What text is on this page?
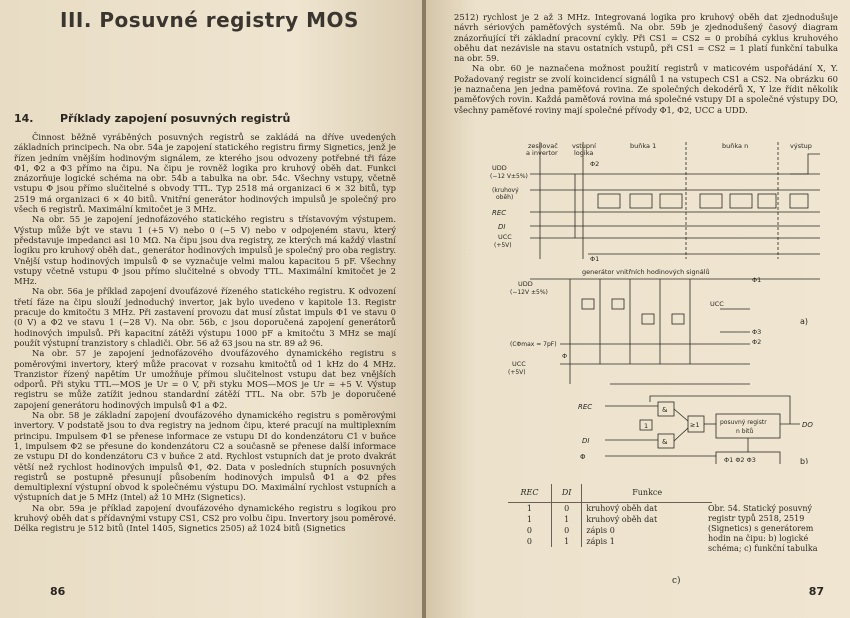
III. Posuvné registry MOS
14. Příklady zapojení posuvných registrů

Činnost běžně vyráběných posuvných registrů se zakládá na dříve uvedených základních principech. Na obr. 54a je zapojení statického registru firmy Signetics, jenž je řízen jedním vnějším hodinovým signálem, ze kterého jsou odvozeny potřebné tři fáze Φ1, Φ2 a Φ3 přímo na čipu. Na čipu je rovněž logika pro kruhový oběh dat. Funkci znázorňuje logické schéma na obr. 54b a tabulka na obr. 54c. Všechny vstupy, včetně vstupu Φ jsou přímo slučitelné s obvody TTL. Typ 2518 má organizaci 6 × 32 bitů, typ 2519 má organizaci 6 × 40 bitů. Vnitřní generátor hodinových impulsů je společný pro všech 6 registrů. Maximální kmitočet je 3 MHz.

Na obr. 55 je zapojení jednofázového statického registru s třístavovým výstupem. Výstup může být ve stavu 1 (+5 V) nebo 0 (−5 V) nebo v odpojeném stavu, který představuje impedanci asi 10 MΩ. Na čipu jsou dva registry, ze kterých má každý vlastní logiku pro kruhový oběh dat., generátor hodinových impulsů je společný pro oba registry. Vnější vstup hodinových impulsů Φ se vyznačuje velmi malou kapacitou 5 pF. Všechny vstupy včetně vstupu Φ jsou přímo slučitelné s obvody TTL. Maximální kmitočet je 2 MHz.

Na obr. 56a je příklad zapojení dvoufázové řízeného statického registru. K odvození třetí fáze na čipu slouží jednoduchý invertor, jak bylo uvedeno v kapitole 13. Registr pracuje do kmitočtu 3 MHz. Při zastavení provozu dat musí zůstat impuls Φ1 ve stavu 0 (0 V) a Φ2 ve stavu 1 (−28 V). Na obr. 56b, c jsou doporučená zapojení generátorů hodinových impulsů. Při kapacitní zátěži výstupu 1000 pF a kmitočtu 3 MHz se mají použít výstupní tranzistory s chladiči. Obr. 56 až 63 jsou na str. 89 až 96.

Na obr. 57 je zapojení jednofázového dvoufázového dynamického registru s poměrovými invertory, který může pracovat v rozsahu kmitočtů od 1 kHz do 4 MHz. Tranzistor řízený napětím Ur umožňuje přímou slučitelnost vstupu dat bez vnějších odporů. Při styku TTL—MOS je Ur = 0 V, při styku MOS—MOS je Ur = +5 V. Výstup registru se může zatížit jednou standardní zátěží TTL. Na obr. 57b je doporučené zapojení generátoru hodinových impulsů Φ1 a Φ2.

Na obr. 58 je základní zapojení dvoufázového dynamického registru s poměrovými invertory. V podstatě jsou to dva registry na jednom čipu, které pracují na multiplexním principu. Impulsem Φ1 se přenese informace ze vstupu DI do kondenzátoru C1 v buňce 1, impulsem Φ2 se přesune do kondenzátoru C2 a současně se přenese další informace ze vstupu DI do kondenzátoru C3 v buňce 2 atd. Rychlost vstupních dat je proto dvakrát větší než rychlost hodinových impulsů Φ1, Φ2. Data v posledních stupních posuvných registrů se postupně přesunují působením hodinových impulsů Φ1 a Φ2 přes demultiplexní výstupní obvod k společnému výstupu DO. Maximální rychlost vstupních a výstupních dat je 5 MHz (Intel) až 10 MHz (Signetics).

Na obr. 59a je příklad zapojení dvoufázového dynamického registru s logikou pro kruhový oběh dat s přídavnými vstupy CS1, CS2 pro volbu čipu. Invertory jsou poměrové. Délka registru je 512 bitů (Intel 1405, Signetics 2505) až 1024 bitů (Signetics

86

2512) rychlost je 2 až 3 MHz. Integrovaná logika pro kruhový oběh dat zjednodušuje návrh sériových paměťových systémů. Na obr. 59b je zjednodušený časový diagram znázorňující tři základní pracovní cykly. Při CS1 = CS2 = 0 probíhá cyklus kruhového oběhu dat nezávisle na stavu ostatních vstupů, při CS1 = CS2 = 1 platí funkční tabulka na obr. 59.

Na obr. 60 je naznačena možnost použití registrů v maticovém uspořádání X, Y. Požadovaný registr se zvolí koincidencí signálů 1 na vstupech CS1 a CS2. Na obrázku 60 je naznačena jen jedna paměťová rovina. Ze společných dekodérů X, Y lze řídit několik paměťových rovin. Každá paměťová rovina má společné vstupy DI a společné výstupy DO, všechny paměťové roviny mají společné přívody Φ1, Φ2, UCC a UDD.

zesilovač
a invertor
vstupní
logika
buňka 1	buňka n	výstup
UDD
(−12 V±5%)
(kruhový
oběh)
REC
DI
UCC
(+5V)
Φ1
Φ2
generátor vnitřních hodinových signálů
UDD
(−12V ±5%)
Φ1
UCC
Φ3
Φ2
(CΦmax = 7pF)
Φ
UCC
(+5V)
a)
REC
DI
Φ
&
&
≥1
1	posuvný registr
n bitů
Φ1 Φ2 Φ3
DO
b)
REC	DI	Funkce
1	0	kruhový oběh dat
1	1	kruhový oběh dat
0	0	zápis 0
0	1	zápis 1
c)
Obr. 54. Statický posuvný registr typů 2518, 2519 (Signetics) s generátorem hodin na čipu: b) logické schéma; c) funkční tabulka
87
